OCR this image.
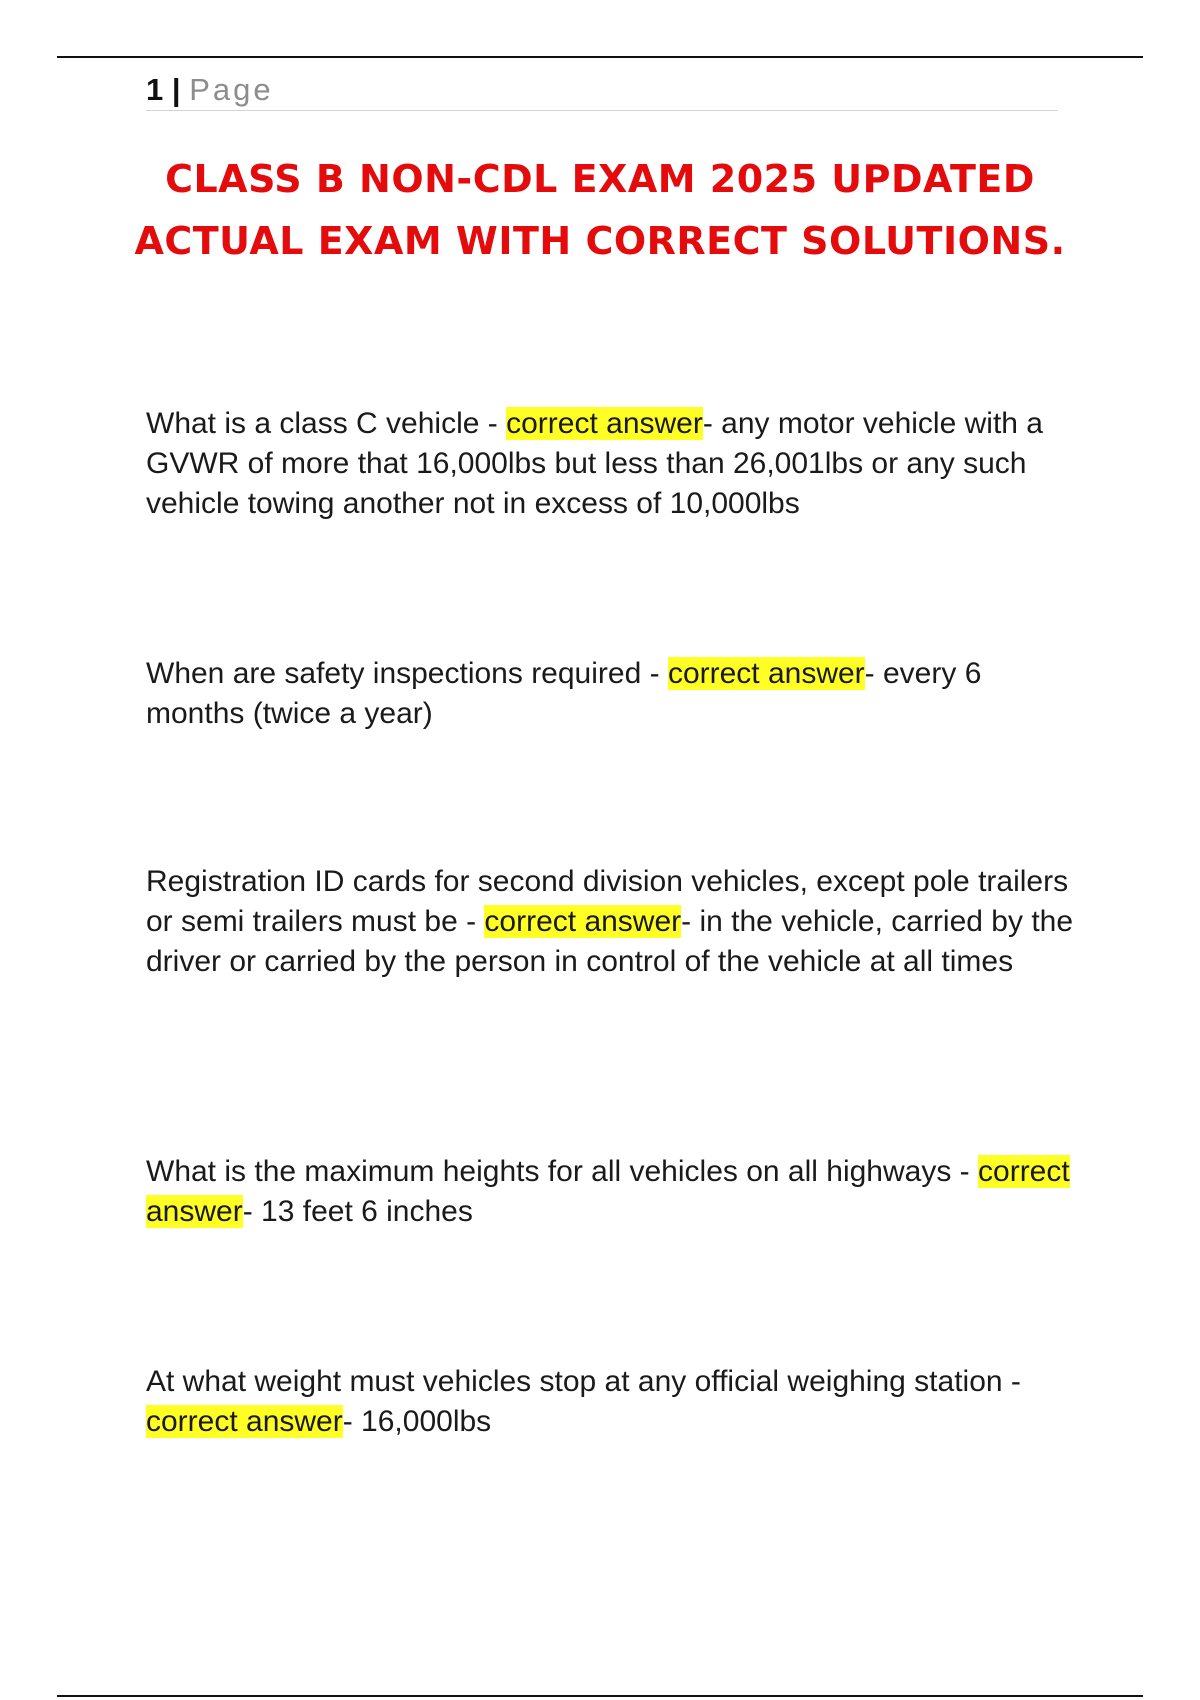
1 | Page
CLASS B NON-CDL EXAM 2025 UPDATED ACTUAL EXAM WITH CORRECT SOLUTIONS.

What is a class C vehicle - correct answer- any motor vehicle with a GVWR of more that 16,000lbs but less than 26,001lbs or any such vehicle towing another not in excess of 10,000lbs

When are safety inspections required - correct answer- every 6 months (twice a year)

Registration ID cards for second division vehicles, except pole trailers or semi trailers must be - correct answer- in the vehicle, carried by the driver or carried by the person in control of the vehicle at all times

What is the maximum heights for all vehicles on all highways - correct answer- 13 feet 6 inches

At what weight must vehicles stop at any official weighing station - correct answer- 16,000lbs
